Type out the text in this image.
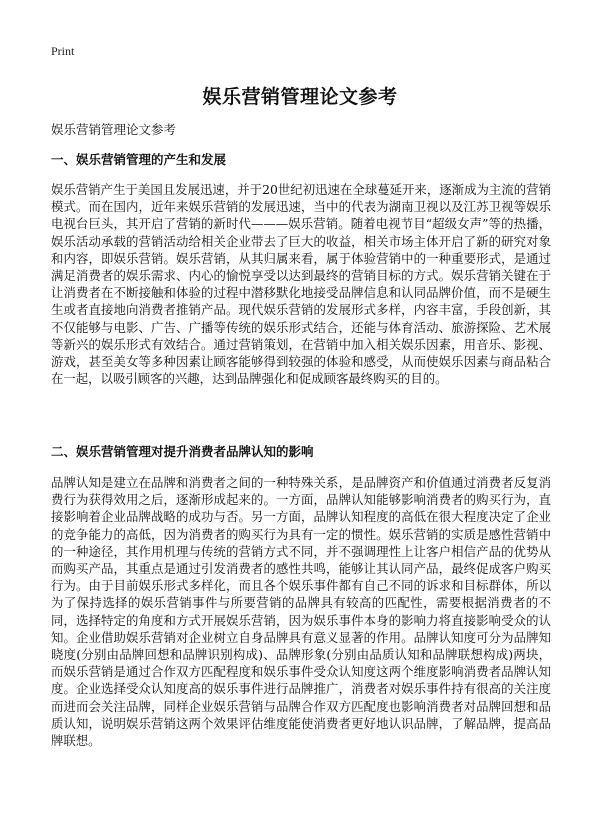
Print
娱乐营销管理论文参考
娱乐营销管理论文参考
一、娱乐营销管理的产生和发展

娱乐营销产生于美国且发展迅速，并于20世纪初迅速在全球蔓延开来，逐渐成为主流的营销模式。而在国内，近年来娱乐营销的发展迅速，当中的代表为湖南卫视以及江苏卫视等娱乐电视台巨头，其开启了营销的新时代———娱乐营销。随着电视节目“超级女声”等的热播，娱乐活动承载的营销活动给相关企业带去了巨大的收益，相关市场主体开启了新的研究对象和内容，即娱乐营销。娱乐营销，从其归属来看，属于体验营销中的一种重要形式，是通过满足消费者的娱乐需求、内心的愉悦享受以达到最终的营销目标的方式。娱乐营销关键在于让消费者在不断接触和体验的过程中潜移默化地接受品牌信息和认同品牌价值，而不是硬生生或者直接地向消费者推销产品。现代娱乐营销的发展形式多样，内容丰富，手段创新，其不仅能够与电影、广告、广播等传统的娱乐形式结合，还能与体育活动、旅游探险、艺术展等新兴的娱乐形式有效结合。通过营销策划，在营销中加入相关娱乐因素，用音乐、影视、游戏，甚至美女等多种因素让顾客能够得到较强的体验和感受，从而使娱乐因素与商品粘合在一起，以吸引顾客的兴趣，达到品牌强化和促成顾客最终购买的目的。

二、娱乐营销管理对提升消费者品牌认知的影响

品牌认知是建立在品牌和消费者之间的一种特殊关系，是品牌资产和价值通过消费者反复消费行为获得效用之后，逐渐形成起来的。一方面，品牌认知能够影响消费者的购买行为，直接影响着企业品牌战略的成功与否。另一方面，品牌认知程度的高低在很大程度决定了企业的竞争能力的高低，因为消费者的购买行为具有一定的惯性。娱乐营销的实质是感性营销中的一种途径，其作用机理与传统的营销方式不同，并不强调理性上让客户相信产品的优势从而购买产品，其重点是通过引发消费者的感性共鸣，能够让其认同产品，最终促成客户购买行为。由于目前娱乐形式多样化，而且各个娱乐事件都有自己不同的诉求和目标群体，所以为了保持选择的娱乐营销事件与所要营销的品牌具有较高的匹配性，需要根据消费者的不同，选择特定的角度和方式开展娱乐营销，因为娱乐事件本身的影响力将直接影响受众的认知。企业借助娱乐营销对企业树立自身品牌具有意义显著的作用。品牌认知度可分为品牌知晓度(分别由品牌回想和品牌识别构成)、品牌形象(分别由品质认知和品牌联想构成)两块，而娱乐营销是通过合作双方匹配程度和娱乐事件受众认知度这两个维度影响消费者品牌认知度。企业选择受众认知度高的娱乐事件进行品牌推广，消费者对娱乐事件持有很高的关注度而进而会关注品牌，同样企业娱乐营销与品牌合作双方匹配度也影响消费者对品牌回想和品质认知，说明娱乐营销这两个效果评估维度能使消费者更好地认识品牌，了解品牌，提高品牌联想。
